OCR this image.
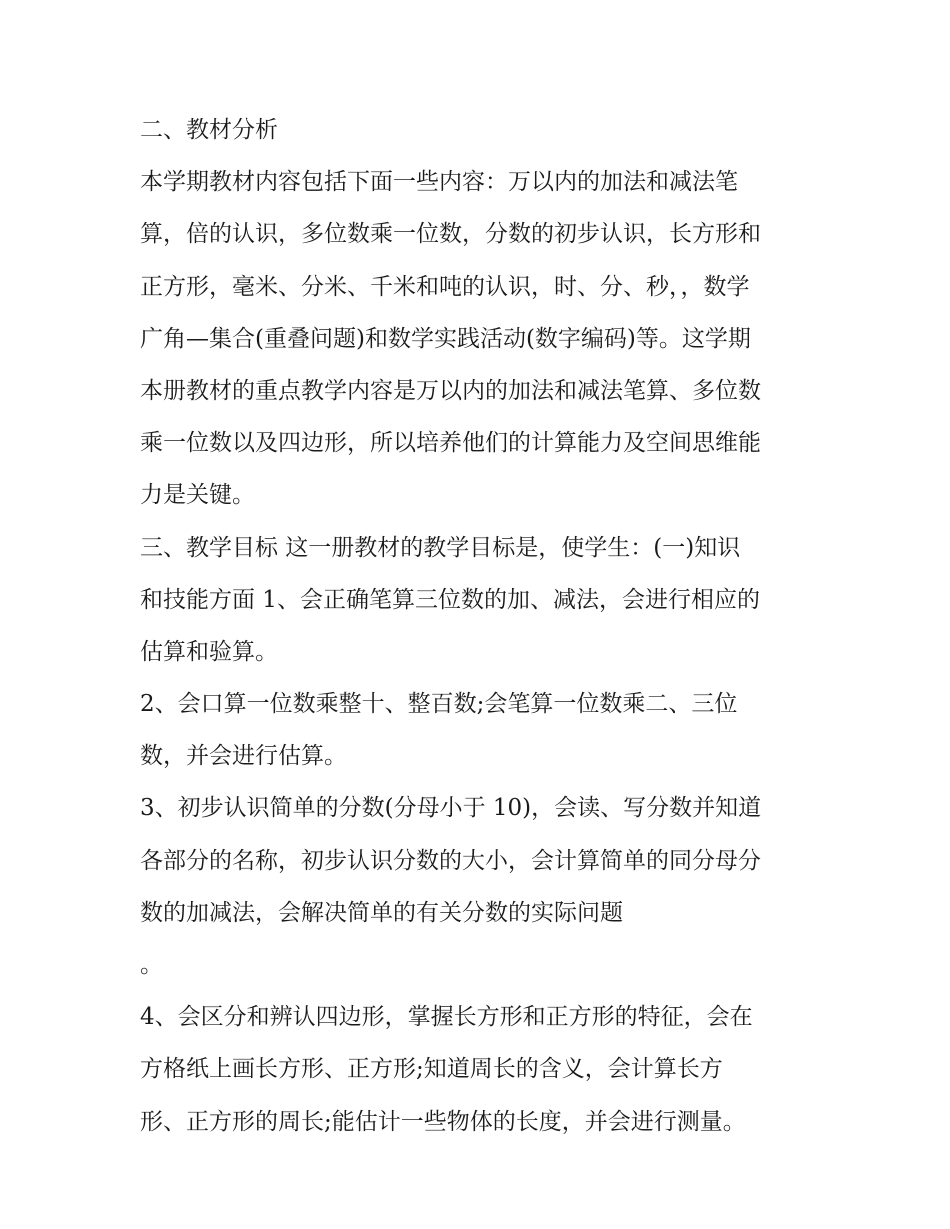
二、教材分析
本学期教材内容包括下面一些内容：万以内的加法和减法笔
算，倍的认识，多位数乘一位数，分数的初步认识，长方形和
正方形，毫米、分米、千米和吨的认识，时、分、秒，，数学
广角—集合(重叠问题)和数学实践活动(数字编码)等。这学期
本册教材的重点教学内容是万以内的加法和减法笔算、多位数
乘一位数以及四边形，所以培养他们的计算能力及空间思维能
力是关键。
三、教学目标 这一册教材的教学目标是，使学生：(一)知识
和技能方面 1、会正确笔算三位数的加、减法，会进行相应的
估算和验算。
2、会口算一位数乘整十、整百数;会笔算一位数乘二、三位
数，并会进行估算。
3、初步认识简单的分数(分母小于 10)，会读、写分数并知道
各部分的名称，初步认识分数的大小，会计算简单的同分母分
数的加减法，会解决简单的有关分数的实际问题
。
4、会区分和辨认四边形，掌握长方形和正方形的特征，会在
方格纸上画长方形、正方形;知道周长的含义，会计算长方
形、正方形的周长;能估计一些物体的长度，并会进行测量。
